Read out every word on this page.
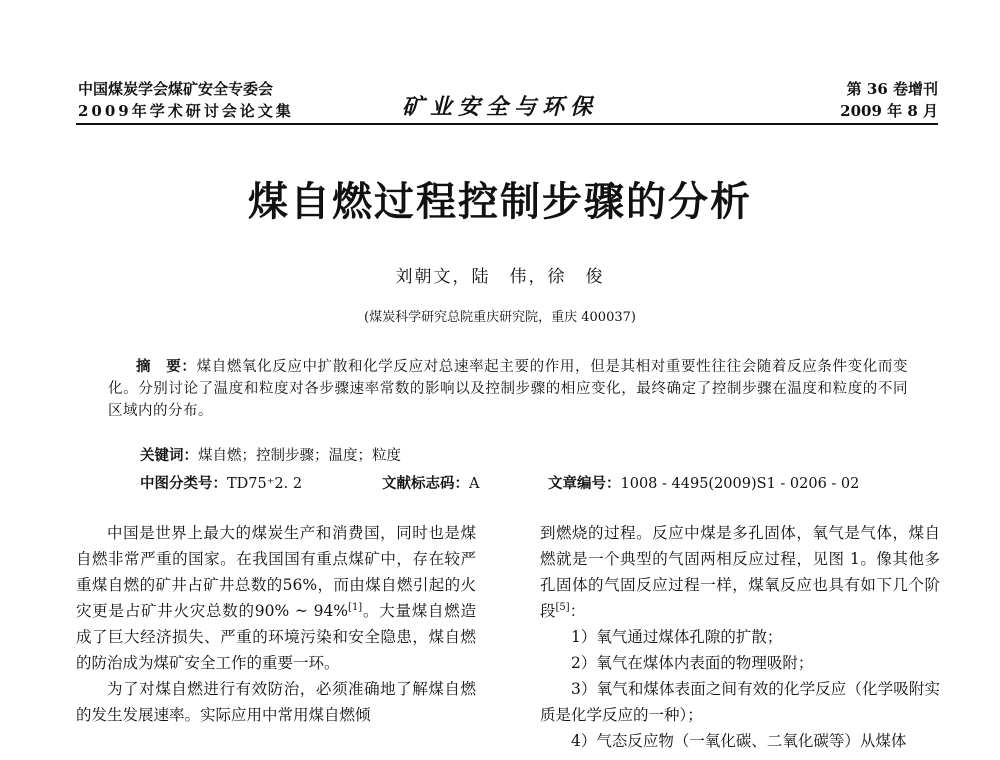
中国煤炭学会煤矿安全专委会
2009年学术研讨会论文集	矿业安全与环保
第 36 卷增刊
2009 年 8 月
煤自燃过程控制步骤的分析
刘朝文，陆　伟，徐　俊
(煤炭科学研究总院重庆研究院，重庆 400037)
摘　要：煤自燃氧化反应中扩散和化学反应对总速率起主要的作用，但是其相对重要性往往会随着反应条件变化而变化。分别讨论了温度和粒度对各步骤速率常数的影响以及控制步骤的相应变化，最终确定了控制步骤在温度和粒度的不同区域内的分布。
关键词：煤自燃；控制步骤；温度；粒度
中图分类号：TD75⁺2. 2	文献标志码：A	文章编号：1008 - 4495(2009)S1 - 0206 - 02

中国是世界上最大的煤炭生产和消费国，同时也是煤自燃非常严重的国家。在我国国有重点煤矿中，存在较严重煤自燃的矿井占矿井总数的56%，而由煤自燃引起的火灾更是占矿井火灾总数的90% ~ 94%[1]。大量煤自燃造成了巨大经济损失、严重的环境污染和安全隐患，煤自燃的防治成为煤矿安全工作的重要一环。

为了对煤自燃进行有效防治，必须准确地了解煤自燃的发生发展速率。实际应用中常用煤自燃倾

到燃烧的过程。反应中煤是多孔固体，氧气是气体，煤自燃就是一个典型的气固两相反应过程，见图 1。像其他多孔固体的气固反应过程一样，煤氧反应也具有如下几个阶段[5]：
1）氧气通过煤体孔隙的扩散；
2）氧气在煤体内表面的物理吸附；
3）氧气和煤体表面之间有效的化学反应（化学吸附实质是化学反应的一种）；
4）气态反应物（一氧化碳、二氧化碳等）从煤体
